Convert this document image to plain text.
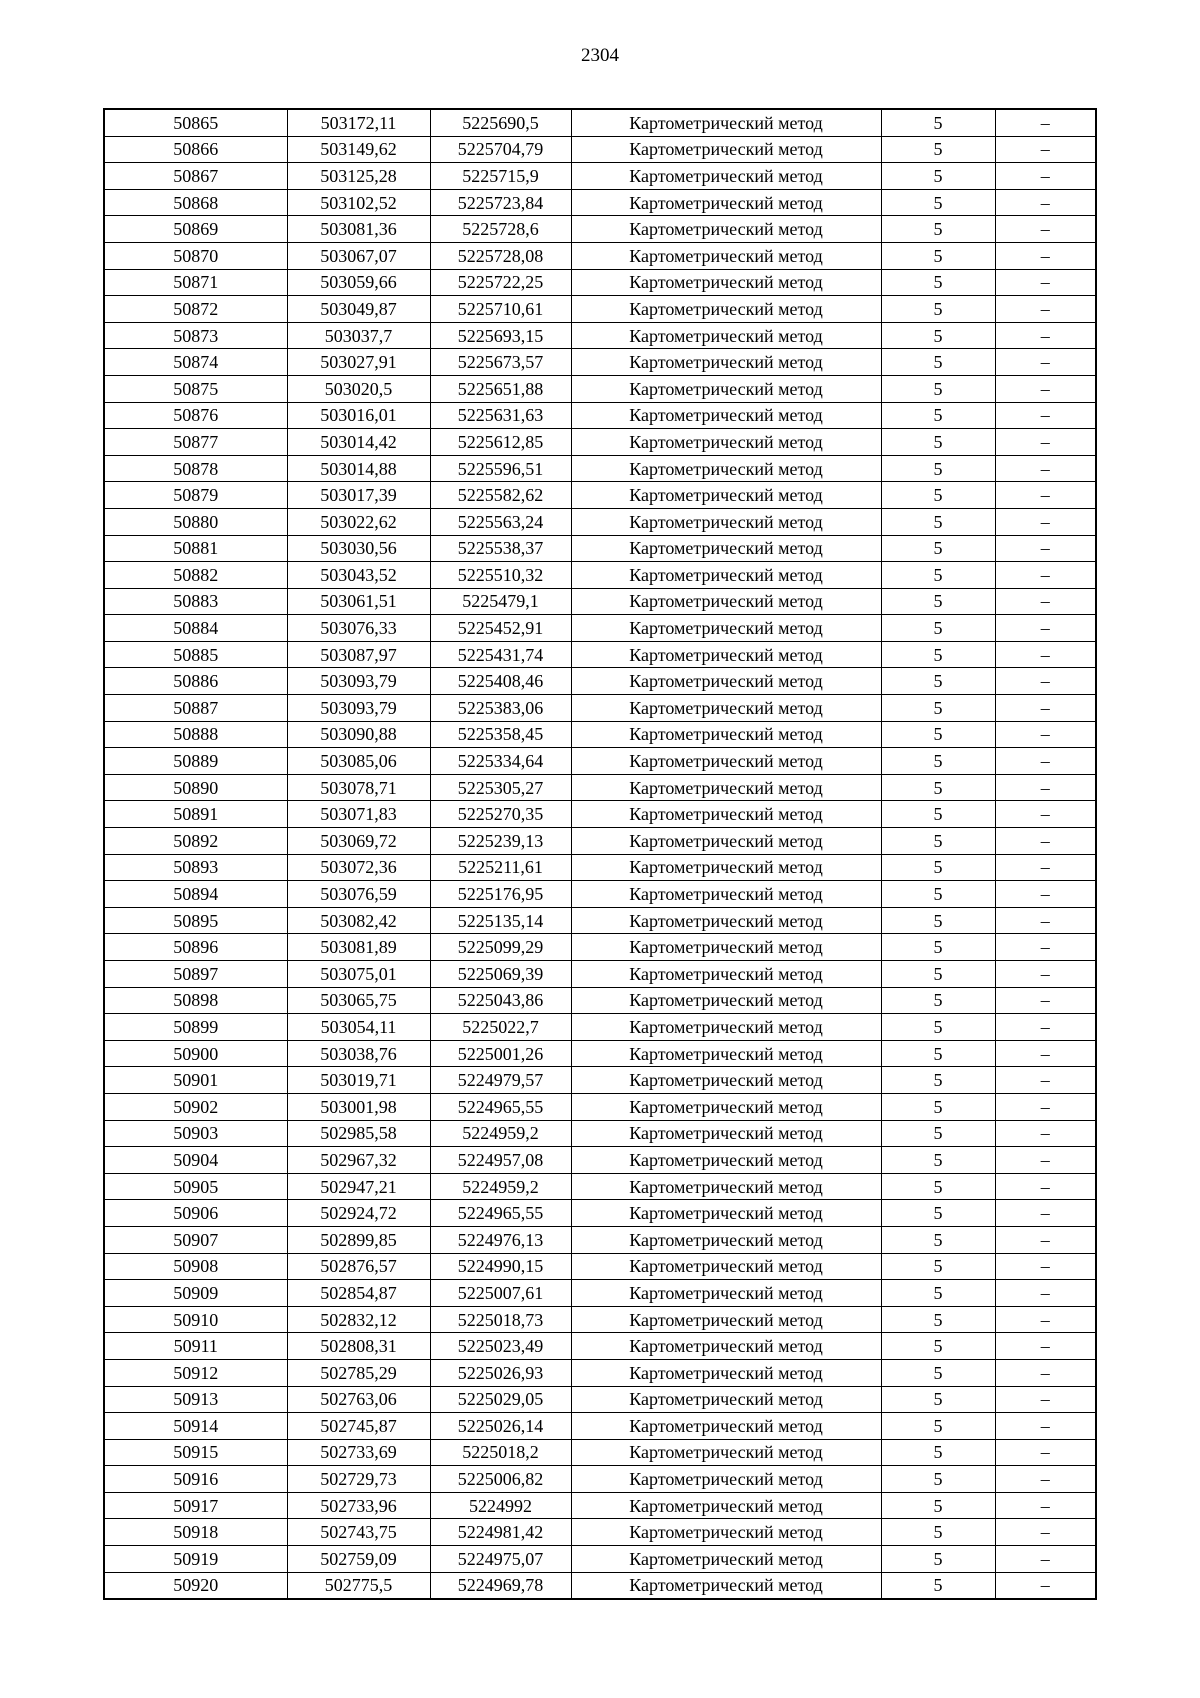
2304
50865	503172,11	5225690,5	Картометрический метод	5	–
50866	503149,62	5225704,79	Картометрический метод	5	–
50867	503125,28	5225715,9	Картометрический метод	5	–
50868	503102,52	5225723,84	Картометрический метод	5	–
50869	503081,36	5225728,6	Картометрический метод	5	–
50870	503067,07	5225728,08	Картометрический метод	5	–
50871	503059,66	5225722,25	Картометрический метод	5	–
50872	503049,87	5225710,61	Картометрический метод	5	–
50873	503037,7	5225693,15	Картометрический метод	5	–
50874	503027,91	5225673,57	Картометрический метод	5	–
50875	503020,5	5225651,88	Картометрический метод	5	–
50876	503016,01	5225631,63	Картометрический метод	5	–
50877	503014,42	5225612,85	Картометрический метод	5	–
50878	503014,88	5225596,51	Картометрический метод	5	–
50879	503017,39	5225582,62	Картометрический метод	5	–
50880	503022,62	5225563,24	Картометрический метод	5	–
50881	503030,56	5225538,37	Картометрический метод	5	–
50882	503043,52	5225510,32	Картометрический метод	5	–
50883	503061,51	5225479,1	Картометрический метод	5	–
50884	503076,33	5225452,91	Картометрический метод	5	–
50885	503087,97	5225431,74	Картометрический метод	5	–
50886	503093,79	5225408,46	Картометрический метод	5	–
50887	503093,79	5225383,06	Картометрический метод	5	–
50888	503090,88	5225358,45	Картометрический метод	5	–
50889	503085,06	5225334,64	Картометрический метод	5	–
50890	503078,71	5225305,27	Картометрический метод	5	–
50891	503071,83	5225270,35	Картометрический метод	5	–
50892	503069,72	5225239,13	Картометрический метод	5	–
50893	503072,36	5225211,61	Картометрический метод	5	–
50894	503076,59	5225176,95	Картометрический метод	5	–
50895	503082,42	5225135,14	Картометрический метод	5	–
50896	503081,89	5225099,29	Картометрический метод	5	–
50897	503075,01	5225069,39	Картометрический метод	5	–
50898	503065,75	5225043,86	Картометрический метод	5	–
50899	503054,11	5225022,7	Картометрический метод	5	–
50900	503038,76	5225001,26	Картометрический метод	5	–
50901	503019,71	5224979,57	Картометрический метод	5	–
50902	503001,98	5224965,55	Картометрический метод	5	–
50903	502985,58	5224959,2	Картометрический метод	5	–
50904	502967,32	5224957,08	Картометрический метод	5	–
50905	502947,21	5224959,2	Картометрический метод	5	–
50906	502924,72	5224965,55	Картометрический метод	5	–
50907	502899,85	5224976,13	Картометрический метод	5	–
50908	502876,57	5224990,15	Картометрический метод	5	–
50909	502854,87	5225007,61	Картометрический метод	5	–
50910	502832,12	5225018,73	Картометрический метод	5	–
50911	502808,31	5225023,49	Картометрический метод	5	–
50912	502785,29	5225026,93	Картометрический метод	5	–
50913	502763,06	5225029,05	Картометрический метод	5	–
50914	502745,87	5225026,14	Картометрический метод	5	–
50915	502733,69	5225018,2	Картометрический метод	5	–
50916	502729,73	5225006,82	Картометрический метод	5	–
50917	502733,96	5224992	Картометрический метод	5	–
50918	502743,75	5224981,42	Картометрический метод	5	–
50919	502759,09	5224975,07	Картометрический метод	5	–
50920	502775,5	5224969,78	Картометрический метод	5	–
